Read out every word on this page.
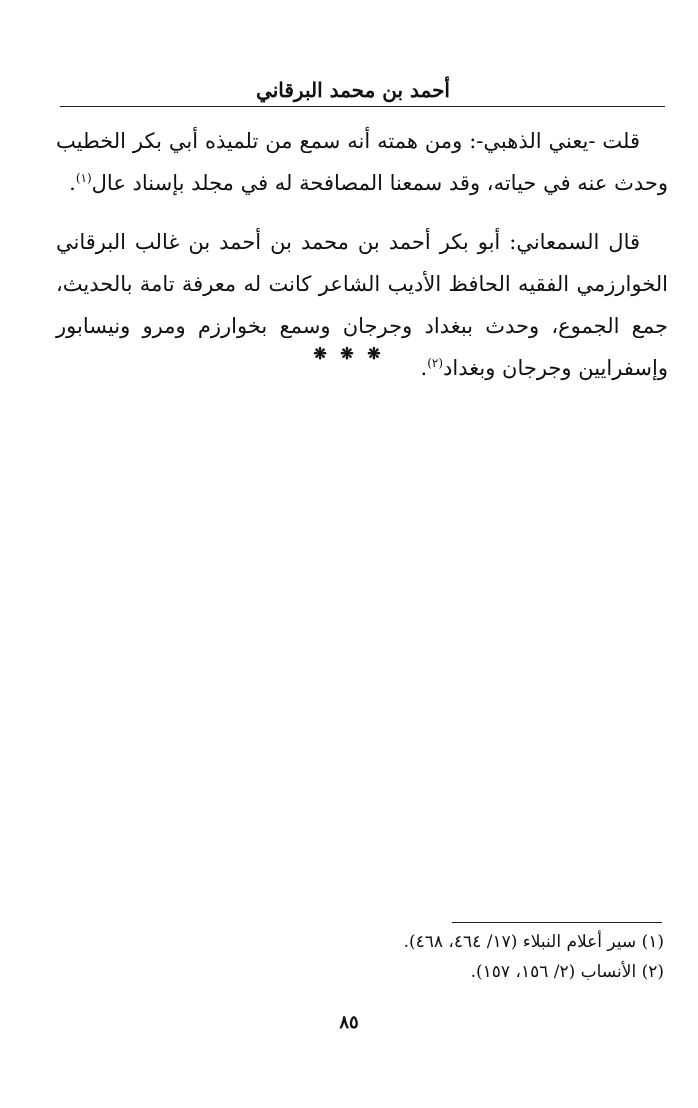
أحمد بن محمد البرقاني

قلت -يعني الذهبي-: ومن همته أنه سمع من تلميذه أبي بكر الخطيب وحدث عنه في حياته، وقد سمعنا المصافحة له في مجلد بإسناد عال$^{(١)}$.

قال السمعاني: أبو بكر أحمد بن محمد بن أحمد بن غالب البرقاني الخوارزمي الفقيه الحافظ الأديب الشاعر كانت له معرفة تامة بالحديث، جمع الجموع، وحدث ببغداد وجرجان وسمع بخوارزم ومرو ونيسابور وإسفرايين وجرجان وبغداد$^{(٢)}$.

❋ ❋ ❋

(١) سير أعلام النبلاء (١٧/ ٤٦٤، ٤٦٨).

(٢) الأنساب (٢/ ١٥٦، ١٥٧).

٨٥
